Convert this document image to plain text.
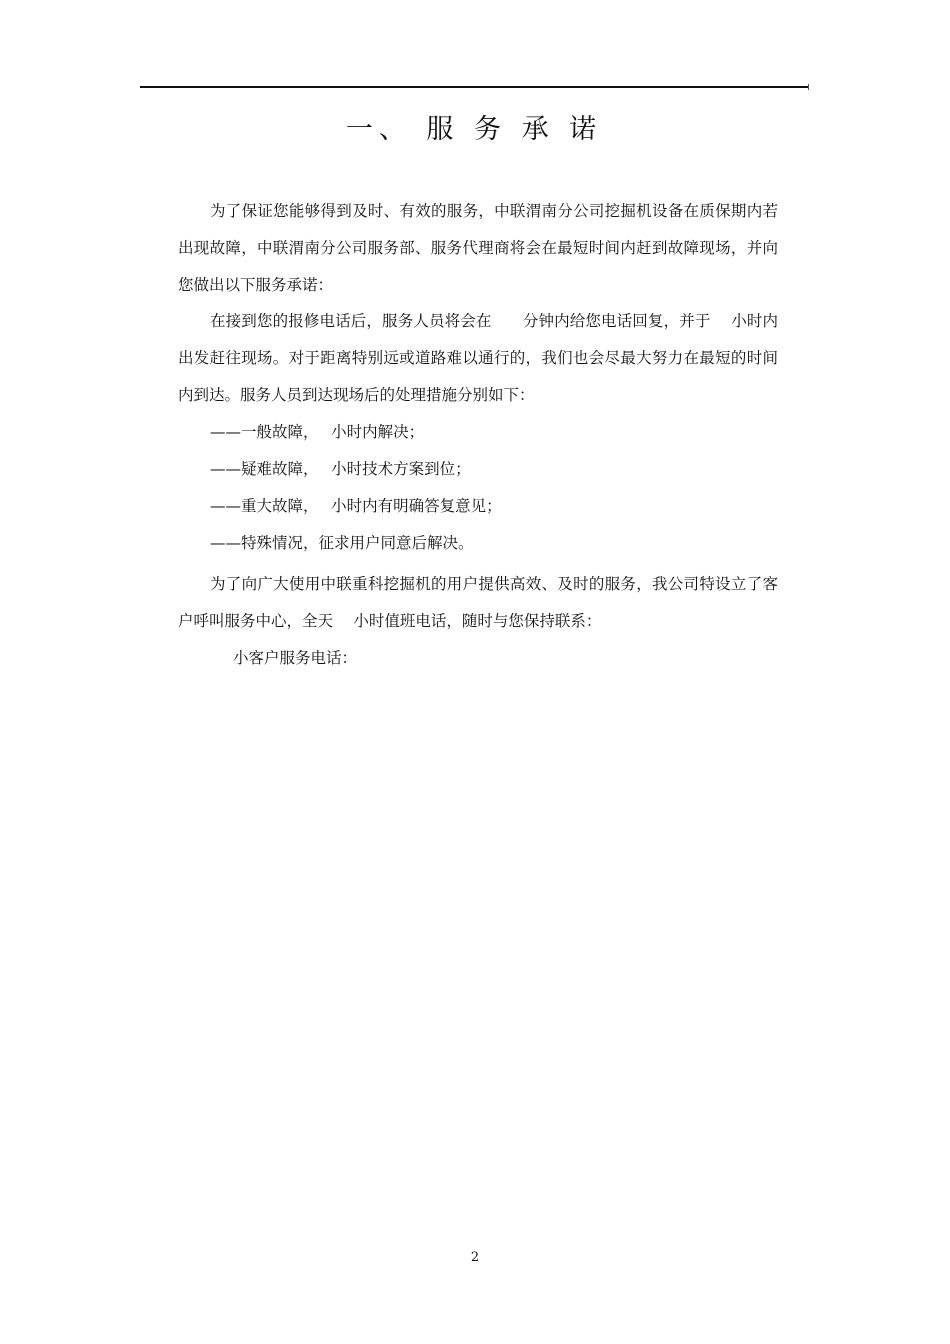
一、 服 务 承 诺
为了保证您能够得到及时、有效的服务，中联渭南分公司挖掘机设备在质保期内若出现故障，中联渭南分公司服务部、服务代理商将会在最短时间内赶到故障现场，并向您做出以下服务承诺：
在接到您的报修电话后，服务人员将会在　　分钟内给您电话回复，并于　 小时内出发赶往现场。对于距离特别远或道路难以通行的，我们也会尽最大努力在最短的时间内到达。服务人员到达现场后的处理措施分别如下：
——一般故障，　 小时内解决；
——疑难故障，　 小时技术方案到位；
——重大故障，　 小时内有明确答复意见；
——特殊情况，征求用户同意后解决。
为了向广大使用中联重科挖掘机的用户提供高效、及时的服务，我公司特设立了客户呼叫服务中心，全天　 小时值班电话，随时与您保持联系：
小客户服务电话：
2
